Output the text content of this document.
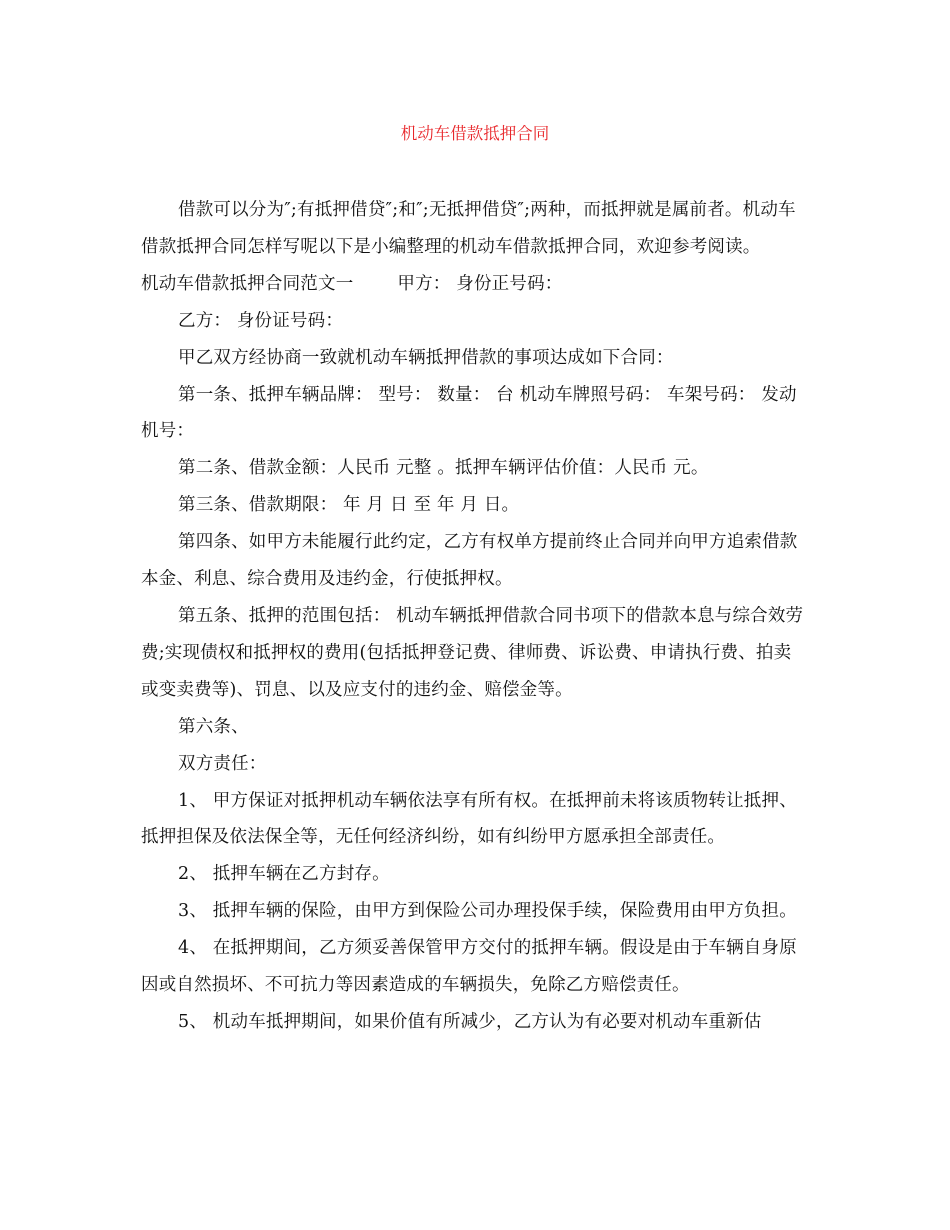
机动车借款抵押合同

借款可以分为″;有抵押借贷″;和″;无抵押借贷″;两种，而抵押就是属前者。机动车借款抵押合同怎样写呢以下是小编整理的机动车借款抵押合同，欢迎参考阅读。

机动车借款抵押合同范文一	甲方： 身份正号码：

乙方： 身份证号码：

甲乙双方经协商一致就机动车辆抵押借款的事项达成如下合同：

第一条、抵押车辆品牌： 型号： 数量： 台 机动车牌照号码： 车架号码： 发动机号：

第二条、借款金额：人民币 元整 。抵押车辆评估价值：人民币 元。

第三条、借款期限： 年 月 日 至 年 月 日。

第四条、如甲方未能履行此约定，乙方有权单方提前终止合同并向甲方追索借款本金、利息、综合费用及违约金，行使抵押权。

第五条、抵押的范围包括： 机动车辆抵押借款合同书项下的借款本息与综合效劳费;实现债权和抵押权的费用(包括抵押登记费、律师费、诉讼费、申请执行费、拍卖或变卖费等)、罚息、以及应支付的违约金、赔偿金等。

第六条、

双方责任：

1、 甲方保证对抵押机动车辆依法享有所有权。在抵押前未将该质物转让抵押、抵押担保及依法保全等，无任何经济纠纷，如有纠纷甲方愿承担全部责任。

2、 抵押车辆在乙方封存。

3、 抵押车辆的保险，由甲方到保险公司办理投保手续，保险费用由甲方负担。

4、 在抵押期间，乙方须妥善保管甲方交付的抵押车辆。假设是由于车辆自身原因或自然损坏、不可抗力等因素造成的车辆损失，免除乙方赔偿责任。

5、 机动车抵押期间，如果价值有所减少，乙方认为有必要对机动车重新估
